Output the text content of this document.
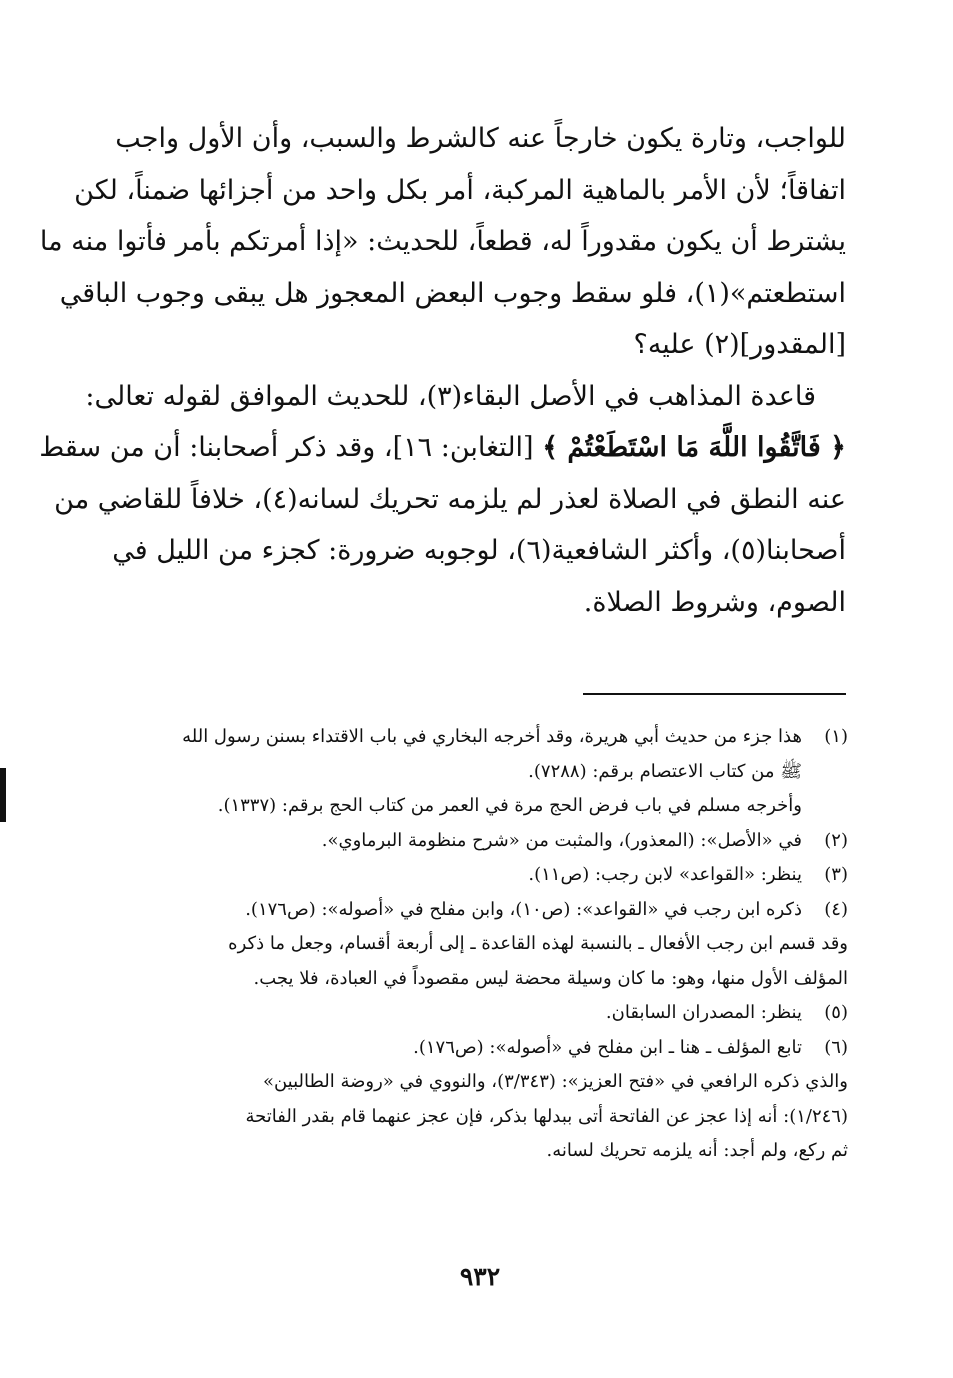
للواجب، وتارة يكون خارجاً عنه كالشرط والسبب، وأن الأول واجب
اتفاقاً؛ لأن الأمر بالماهية المركبة، أمر بكل واحد من أجزائها ضمناً، لكن
يشترط أن يكون مقدوراً له، قطعاً، للحديث: «إذا أمرتكم بأمر فأتوا منه ما
استطعتم»(١)، فلو سقط وجوب البعض المعجوز هل يبقى وجوب الباقي
[المقدور](٢) عليه؟

قاعدة المذاهب في الأصل البقاء(٣)، للحديث الموافق لقوله تعالى:
﴿ فَاتَّقُوا اللَّهَ مَا اسْتَطَعْتُمْ ﴾ [التغابن: ١٦]، وقد ذكر أصحابنا: أن من سقط
عنه النطق في الصلاة لعذر لم يلزمه تحريك لسانه(٤)، خلافاً للقاضي من
أصحابنا(٥)، وأكثر الشافعية(٦)، لوجوبه ضرورة: كجزء من الليل في
الصوم، وشروط الصلاة.

(١)
هذا جزء من حديث أبي هريرة، وقد أخرجه البخاري في باب الاقتداء بسنن رسول الله
ﷺ من كتاب الاعتصام برقم: (٧٢٨٨).
وأخرجه مسلم في باب فرض الحج مرة في العمر من كتاب الحج برقم: (١٣٣٧).
(٢)
في «الأصل»: (المعذور)، والمثبت من «شرح منظومة البرماوي».
(٣)
ينظر: «القواعد» لابن رجب: (ص١١).
(٤)
ذكره ابن رجب في «القواعد»: (ص١٠)، وابن مفلح في «أصوله»: (ص١٧٦).
وقد قسم ابن رجب الأفعال ـ بالنسبة لهذه القاعدة ـ إلى أربعة أقسام، وجعل ما ذكره
المؤلف الأول منها، وهو: ما كان وسيلة محضة ليس مقصوداً في العبادة، فلا يجب.
(٥)
ينظر: المصدران السابقان.
(٦)
تابع المؤلف ـ هنا ـ ابن مفلح في «أصوله»: (ص١٧٦).
والذي ذكره الرافعي في «فتح العزيز»: (٣/٣٤٣)، والنووي في «روضة الطالبين»
(١/٢٤٦): أنه إذا عجز عن الفاتحة أتى ببدلها بذكر، فإن عجز عنهما قام بقدر الفاتحة
ثم ركع، ولم أجد: أنه يلزمه تحريك لسانه.
٩٣٢
